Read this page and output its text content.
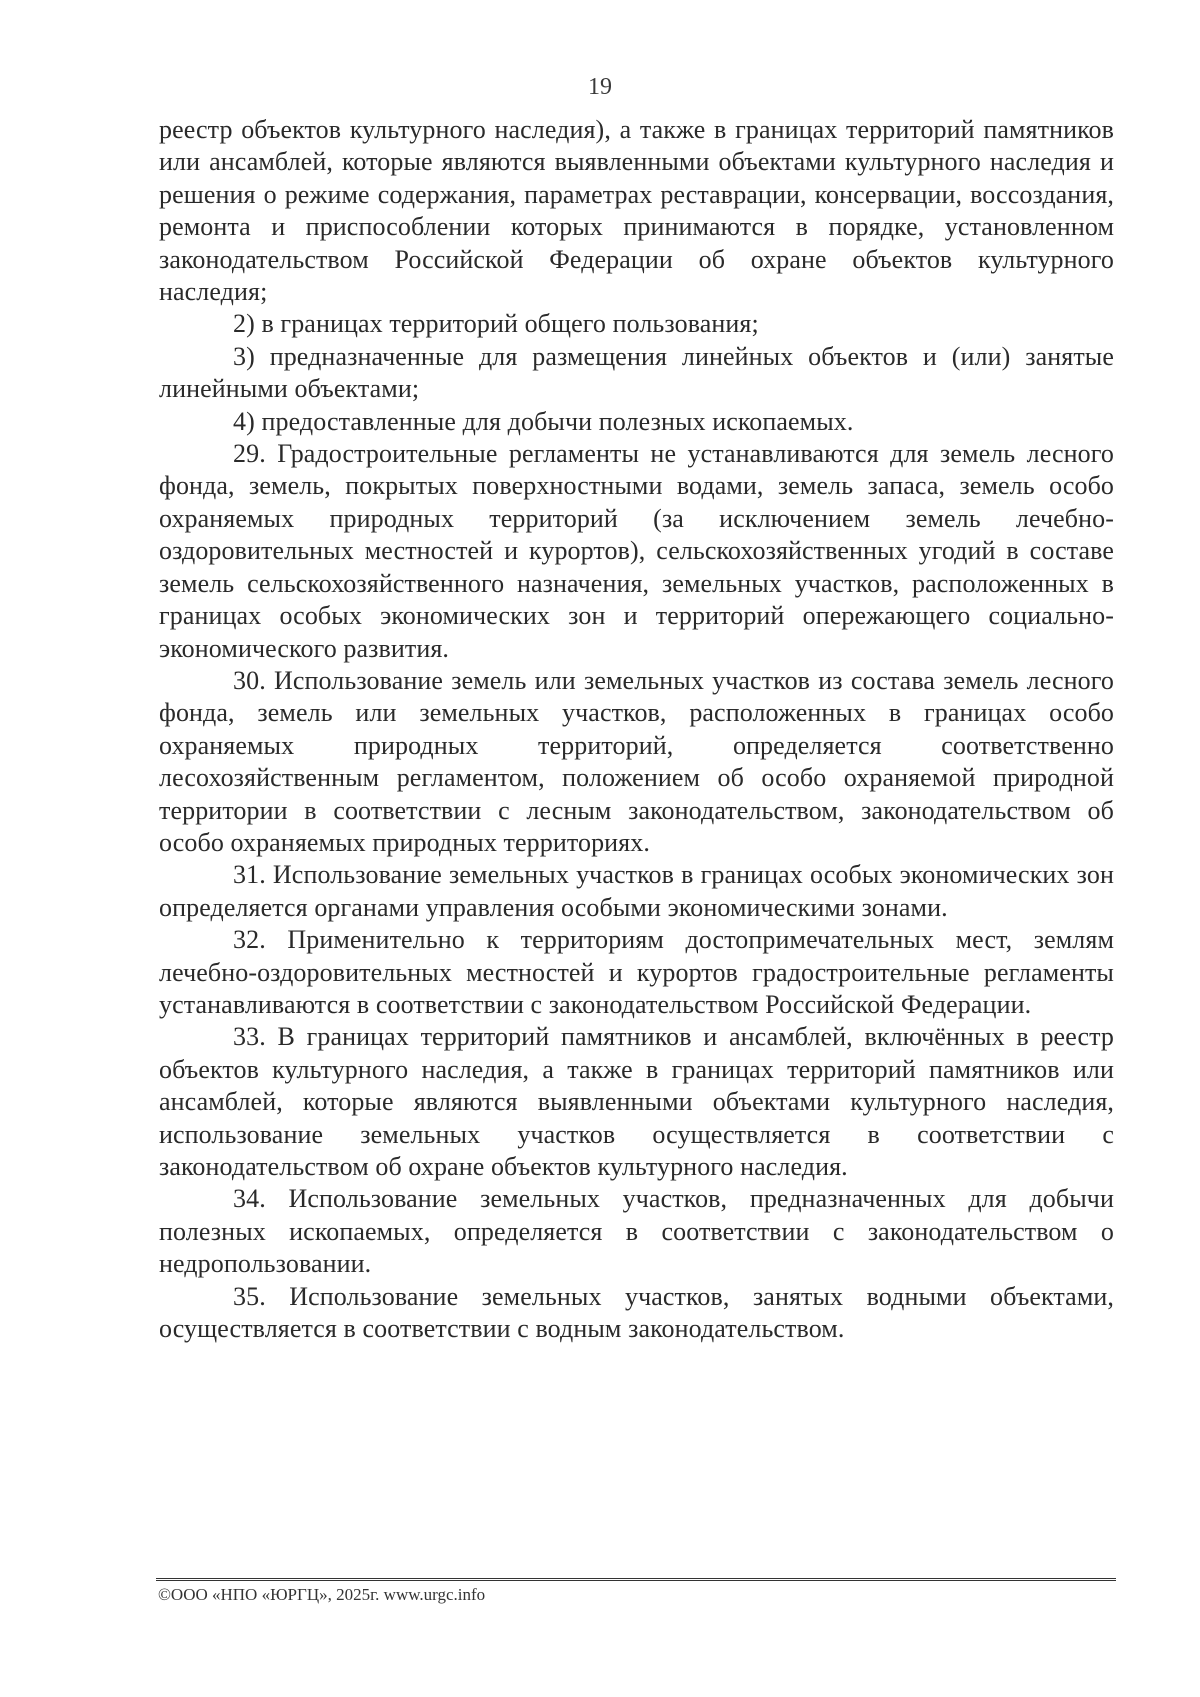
19

реестр объектов культурного наследия), а также в границах территорий памятников или ансамблей, которые являются выявленными объектами культурного наследия и решения о режиме содержания, параметрах реставрации, консервации, воссоздания, ремонта и приспособлении которых принимаются в порядке, установленном законодательством Российской Федерации об охране объектов культурного наследия;

2) в границах территорий общего пользования;

3) предназначенные для размещения линейных объектов и (или) занятые линейными объектами;

4) предоставленные для добычи полезных ископаемых.

29. Градостроительные регламенты не устанавливаются для земель лесного фонда, земель, покрытых поверхностными водами, земель запаса, земель особо охраняемых природных территорий (за исключением земель лечебно-оздоровительных местностей и курортов), сельскохозяйственных угодий в составе земель сельскохозяйственного назначения, земельных участков, расположенных в границах особых экономических зон и территорий опережающего социально-экономического развития.

30. Использование земель или земельных участков из состава земель лесного фонда, земель или земельных участков, расположенных в границах особо охраняемых природных территорий, определяется соответственно лесохозяйственным регламентом, положением об особо охраняемой природной территории в соответствии с лесным законодательством, законодательством об особо охраняемых природных территориях.

31. Использование земельных участков в границах особых экономических зон определяется органами управления особыми экономическими зонами.

32. Применительно к территориям достопримечательных мест, землям лечебно-оздоровительных местностей и курортов градостроительные регламенты устанавливаются в соответствии с законодательством Российской Федерации.

33. В границах территорий памятников и ансамблей, включённых в реестр объектов культурного наследия, а также в границах территорий памятников или ансамблей, которые являются выявленными объектами культурного наследия, использование земельных участков осуществляется в соответствии с законодательством об охране объектов культурного наследия.

34. Использование земельных участков, предназначенных для добычи полезных ископаемых, определяется в соответствии с законодательством о недропользовании.

35. Использование земельных участков, занятых водными объектами, осуществляется в соответствии с водным законодательством.

©ООО «НПО «ЮРГЦ», 2025г. www.urgc.info
